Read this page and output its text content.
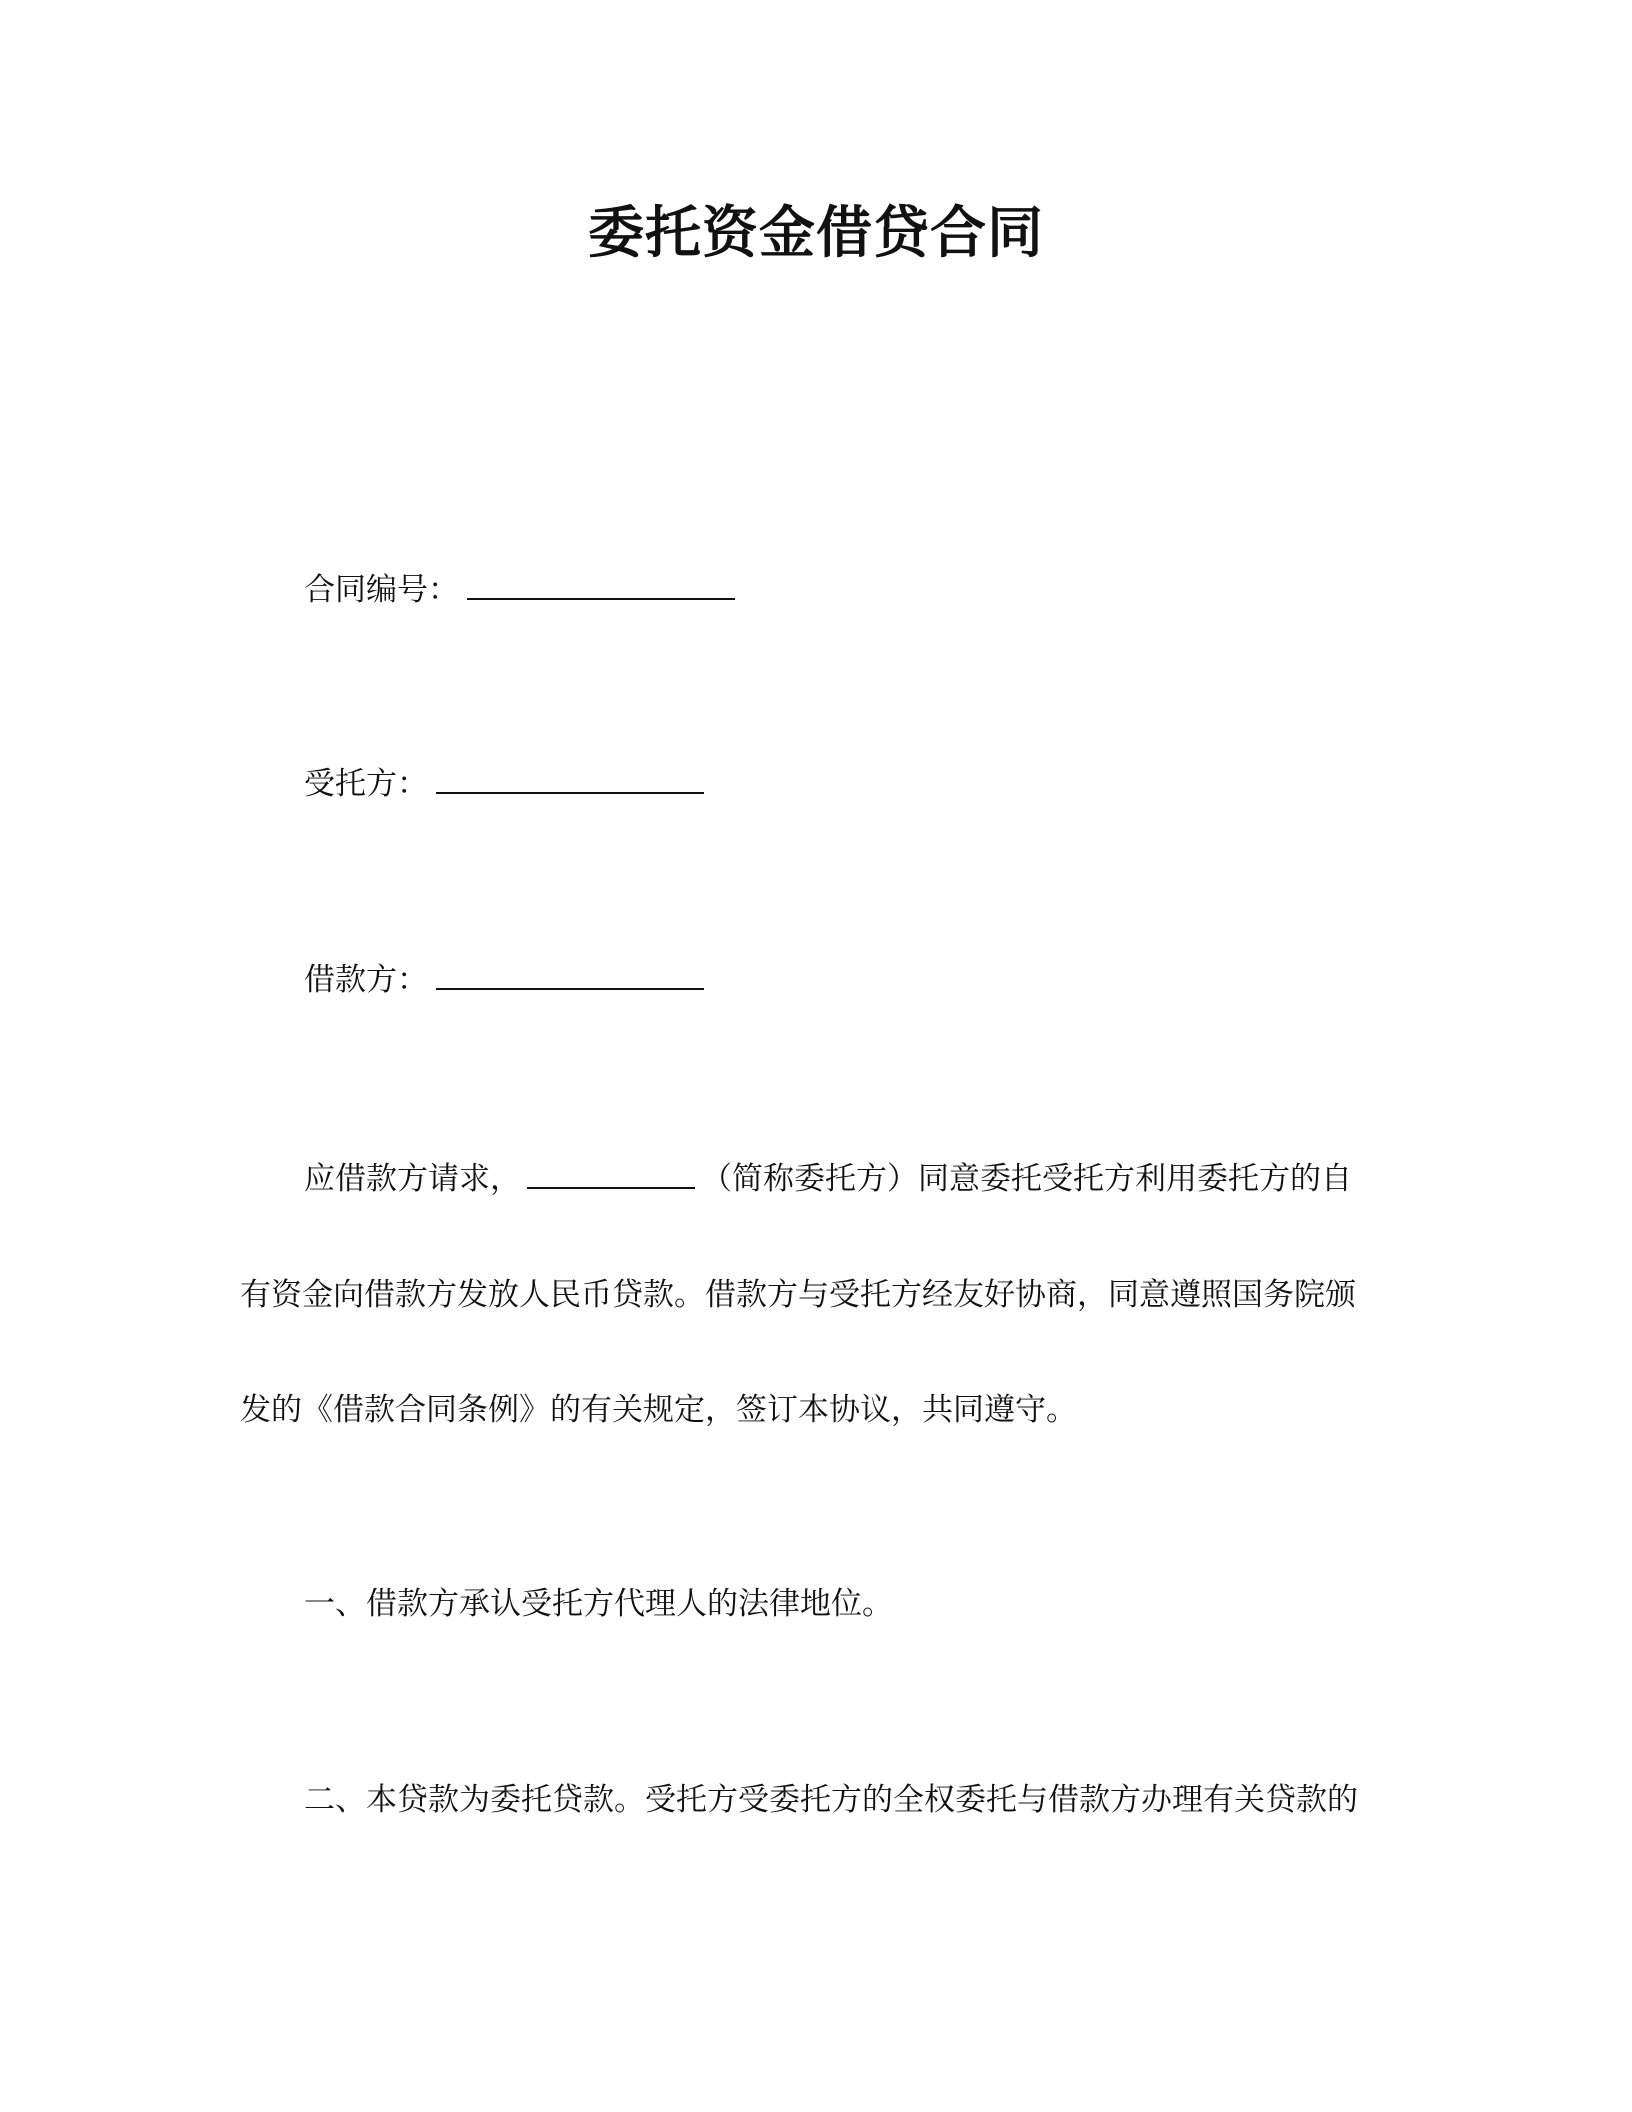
委托资金借贷合同
合同编号：
受托方：
借款方：
应借款方请求，	（简称委托方）同意委托受托方利用委托方的自
有资金向借款方发放人民币贷款。借款方与受托方经友好协商，同意遵照国务院颁
发的《借款合同条例》的有关规定，签订本协议，共同遵守。
一、借款方承认受托方代理人的法律地位。
二、本贷款为委托贷款。受托方受委托方的全权委托与借款方办理有关贷款的
